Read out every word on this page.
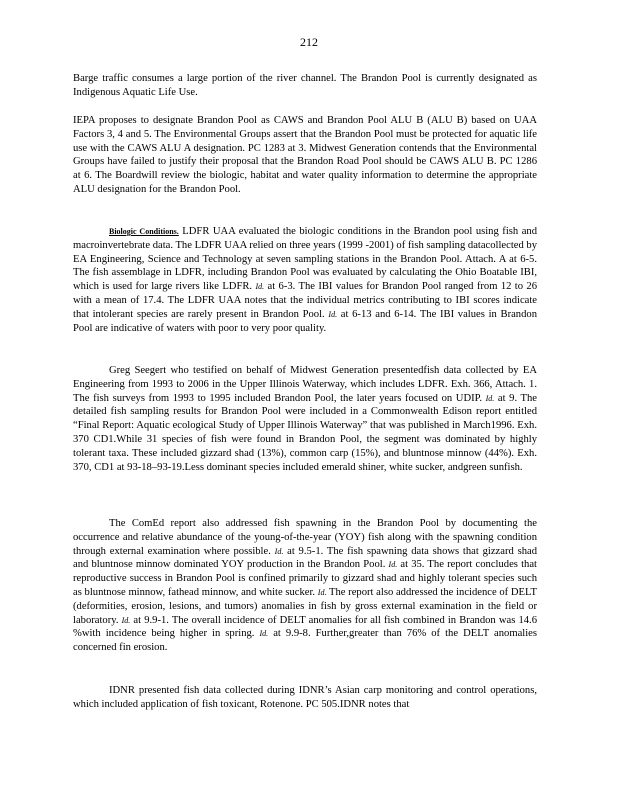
212

Barge traffic consumes a large portion of the river channel. The Brandon Pool is currently designated as Indigenous Aquatic Life Use.

IEPA proposes to designate Brandon Pool as CAWS and Brandon Pool ALU B (ALU B) based on UAA Factors 3, 4 and 5. The Environmental Groups assert that the Brandon Pool must be protected for aquatic life use with the CAWS ALU A designation. PC 1283 at 3. Midwest Generation contends that the Environmental Groups have failed to justify their proposal that the Brandon Road Pool should be CAWS ALU B. PC 1286 at 6. The Boardwill review the biologic, habitat and water quality information to determine the appropriate ALU designation for the Brandon Pool.

Biologic Conditions. LDFR UAA evaluated the biologic conditions in the Brandon pool using fish and macroinvertebrate data. The LDFR UAA relied on three years (1999 -2001) of fish sampling datacollected by EA Engineering, Science and Technology at seven sampling stations in the Brandon Pool. Attach. A at 6-5. The fish assemblage in LDFR, including Brandon Pool was evaluated by calculating the Ohio Boatable IBI, which is used for large rivers like LDFR. Id. at 6-3. The IBI values for Brandon Pool ranged from 12 to 26 with a mean of 17.4. The LDFR UAA notes that the individual metrics contributing to IBI scores indicate that intolerant species are rarely present in Brandon Pool. Id. at 6-13 and 6-14. The IBI values in Brandon Pool are indicative of waters with poor to very poor quality.

Greg Seegert who testified on behalf of Midwest Generation presentedfish data collected by EA Engineering from 1993 to 2006 in the Upper Illinois Waterway, which includes LDFR. Exh. 366, Attach. 1. The fish surveys from 1993 to 1995 included Brandon Pool, the later years focused on UDIP. Id. at 9. The detailed fish sampling results for Brandon Pool were included in a Commonwealth Edison report entitled “Final Report: Aquatic ecological Study of Upper Illinois Waterway” that was published in March1996. Exh. 370 CD1.While 31 species of fish were found in Brandon Pool, the segment was dominated by highly tolerant taxa. These included gizzard shad (13%), common carp (15%), and bluntnose minnow (44%). Exh. 370, CD1 at 93-18–93-19.Less dominant species included emerald shiner, white sucker, andgreen sunfish.

The ComEd report also addressed fish spawning in the Brandon Pool by documenting the occurrence and relative abundance of the young-of-the-year (YOY) fish along with the spawning condition through external examination where possible. Id. at 9.5-1. The fish spawning data shows that gizzard shad and bluntnose minnow dominated YOY production in the Brandon Pool. Id. at 35. The report concludes that reproductive success in Brandon Pool is confined primarily to gizzard shad and highly tolerant species such as bluntnose minnow, fathead minnow, and white sucker. Id. The report also addressed the incidence of DELT (deformities, erosion, lesions, and tumors) anomalies in fish by gross external examination in the field or laboratory. Id. at 9.9-1. The overall incidence of DELT anomalies for all fish combined in Brandon was 14.6 %with incidence being higher in spring. Id. at 9.9-8. Further,greater than 76% of the DELT anomalies concerned fin erosion.

IDNR presented fish data collected during IDNR’s Asian carp monitoring and control operations, which included application of fish toxicant, Rotenone. PC 505.IDNR notes that
